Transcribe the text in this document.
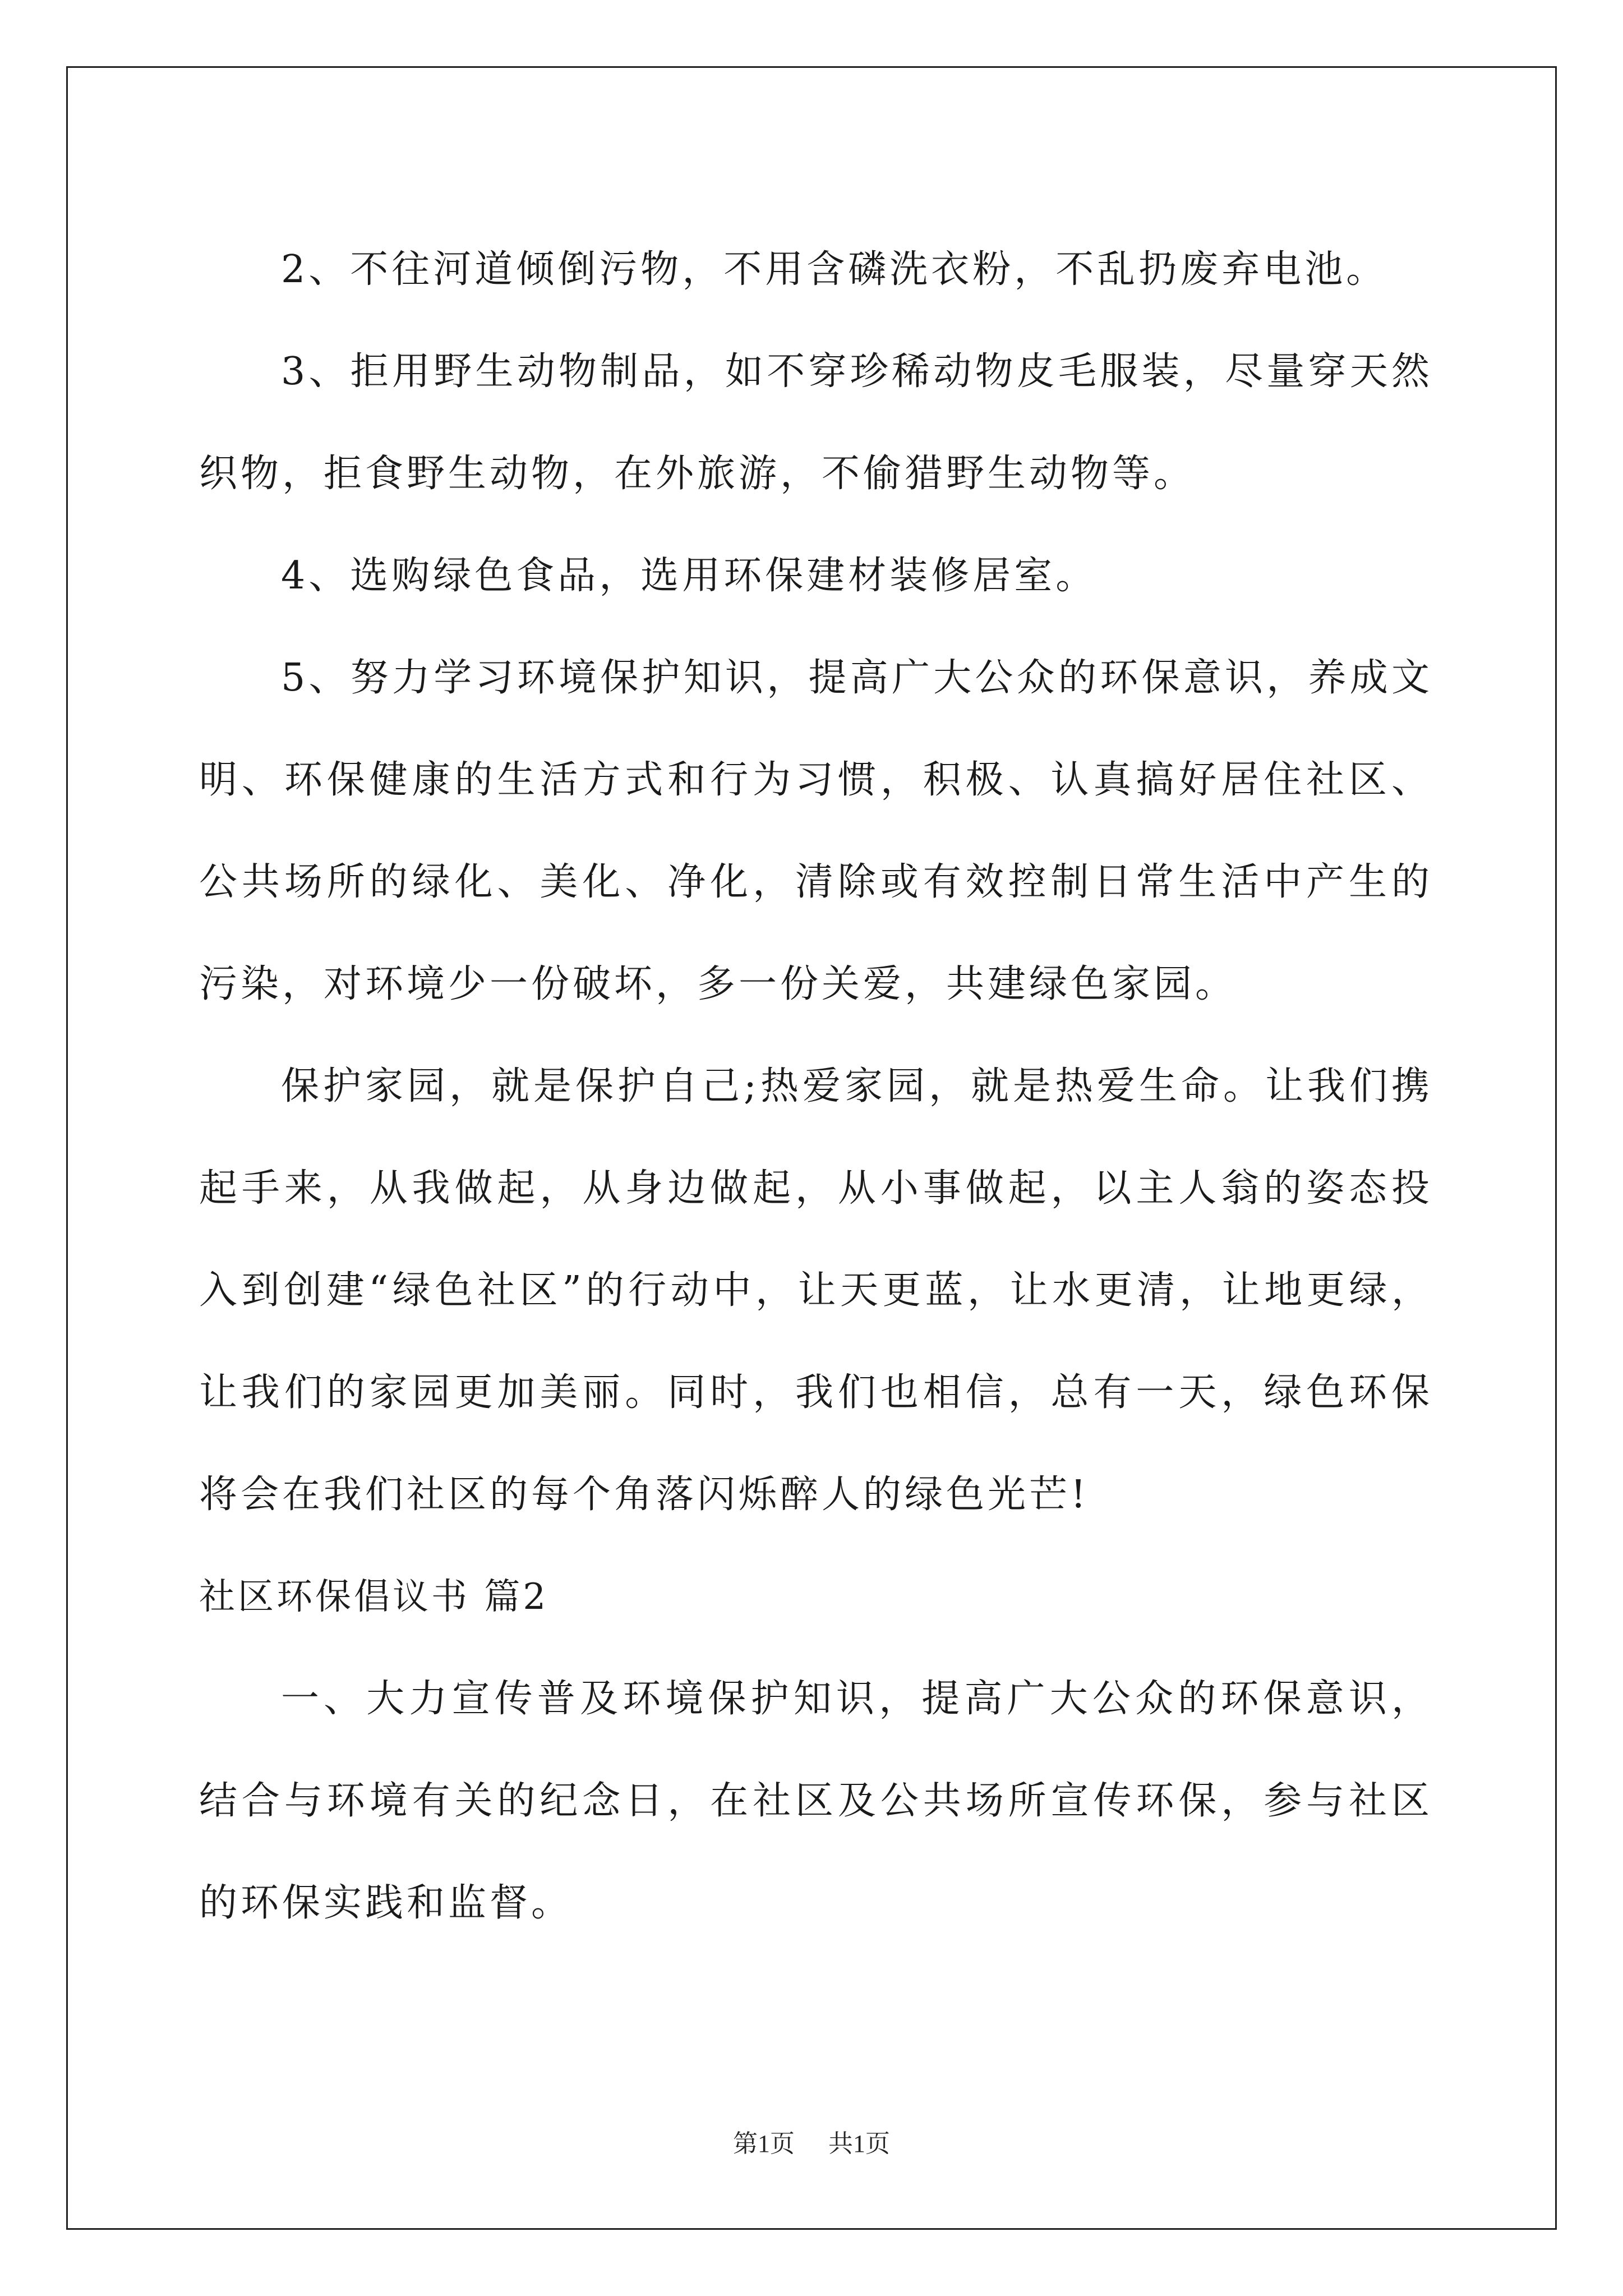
2、不往河道倾倒污物，不用含磷洗衣粉，不乱扔废弃电池。

3、拒用野生动物制品，如不穿珍稀动物皮毛服装，尽量穿天然织物，拒食野生动物，在外旅游，不偷猎野生动物等。

4、选购绿色食品，选用环保建材装修居室。

5、努力学习环境保护知识，提高广大公众的环保意识，养成文明、环保健康的生活方式和行为习惯，积极、认真搞好居住社区、公共场所的绿化、美化、净化，清除或有效控制日常生活中产生的污染，对环境少一份破坏，多一份关爱，共建绿色家园。

保护家园，就是保护自己;热爱家园，就是热爱生命。让我们携起手来，从我做起，从身边做起，从小事做起，以主人翁的姿态投入到创建“绿色社区”的行动中，让天更蓝，让水更清，让地更绿，让我们的家园更加美丽。同时，我们也相信，总有一天，绿色环保将会在我们社区的每个角落闪烁醉人的绿色光芒!

社区环保倡议书 篇2

一、大力宣传普及环境保护知识，提高广大公众的环保意识，结合与环境有关的纪念日，在社区及公共场所宣传环保，参与社区的环保实践和监督。

第1页 共1页
